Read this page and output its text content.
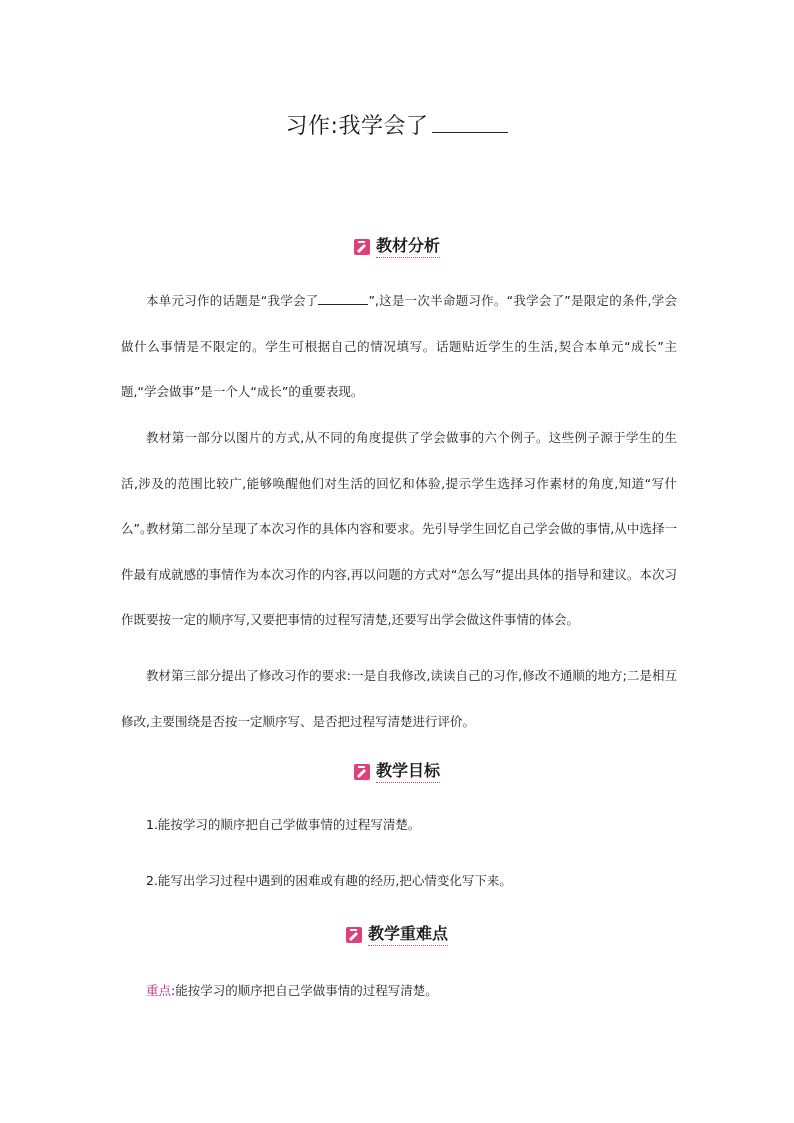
习作:我学会了
教材分析
本单元习作的话题是“我学会了	”,这是一次半命题习作。“我学会了”是限定的条件,学会做什么事情是不限定的。学生可根据自己的情况填写。话题贴近学生的生活,契合本单元“成长”主题,“学会做事”是一个人“成长”的重要表现。
教材第一部分以图片的方式,从不同的角度提供了学会做事的六个例子。这些例子源于学生的生活,涉及的范围比较广,能够唤醒他们对生活的回忆和体验,提示学生选择习作素材的角度,知道“写什么”。
教材第二部分呈现了本次习作的具体内容和要求。先引导学生回忆自己学会做的事情,从中选择一件最有成就感的事情作为本次习作的内容,再以问题的方式对“怎么写”提出具体的指导和建议。本次习作既要按一定的顺序写,又要把事情的过程写清楚,还要写出学会做这件事情的体会。
教材第三部分提出了修改习作的要求:一是自我修改,读读自己的习作,修改不通顺的地方;二是相互修改,主要围绕是否按一定顺序写、是否把过程写清楚进行评价。
教学目标
1.能按学习的顺序把自己学做事情的过程写清楚。
2.能写出学习过程中遇到的困难或有趣的经历,把心情变化写下来。
教学重难点
重点:能按学习的顺序把自己学做事情的过程写清楚。
